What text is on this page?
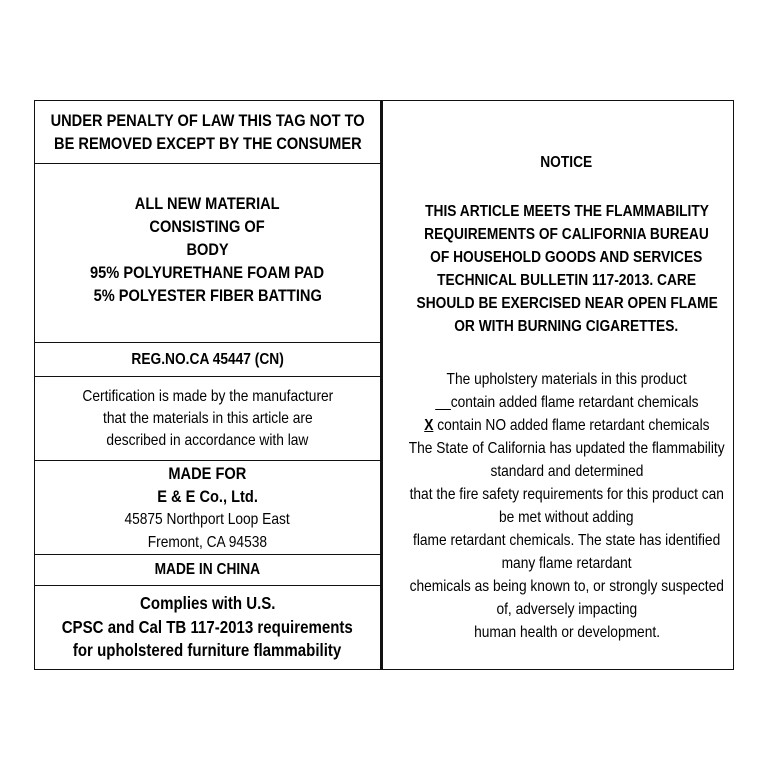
UNDER PENALTY OF LAW THIS TAG NOT TO
BE REMOVED EXCEPT BY THE CONSUMER
ALL NEW MATERIAL
CONSISTING OF
BODY
95% POLYURETHANE FOAM PAD
5% POLYESTER FIBER BATTING
REG.NO.CA 45447 (CN)
Certification is made by the manufacturer
that the materials in this article are
described in accordance with law
MADE FOR
E & E Co., Ltd.
45875 Northport Loop East
Fremont, CA 94538
MADE IN CHINA
Complies with U.S.
CPSC and Cal TB 117-2013 requirements
for upholstered furniture flammability
NOTICE
THIS ARTICLE MEETS THE FLAMMABILITY
REQUIREMENTS OF CALIFORNIA BUREAU
OF HOUSEHOLD GOODS AND SERVICES
TECHNICAL BULLETIN 117-2013. CARE
SHOULD BE EXERCISED NEAR OPEN FLAME
OR WITH BURNING CIGARETTES.
The upholstery materials in this product
__contain added flame retardant chemicals
X contain NO added flame retardant chemicals
The State of California has updated the flammability
standard and determined
that the fire safety requirements for this product can
be met without adding
flame retardant chemicals. The state has identified
many flame retardant
chemicals as being known to, or strongly suspected
of, adversely impacting
human health or development.
